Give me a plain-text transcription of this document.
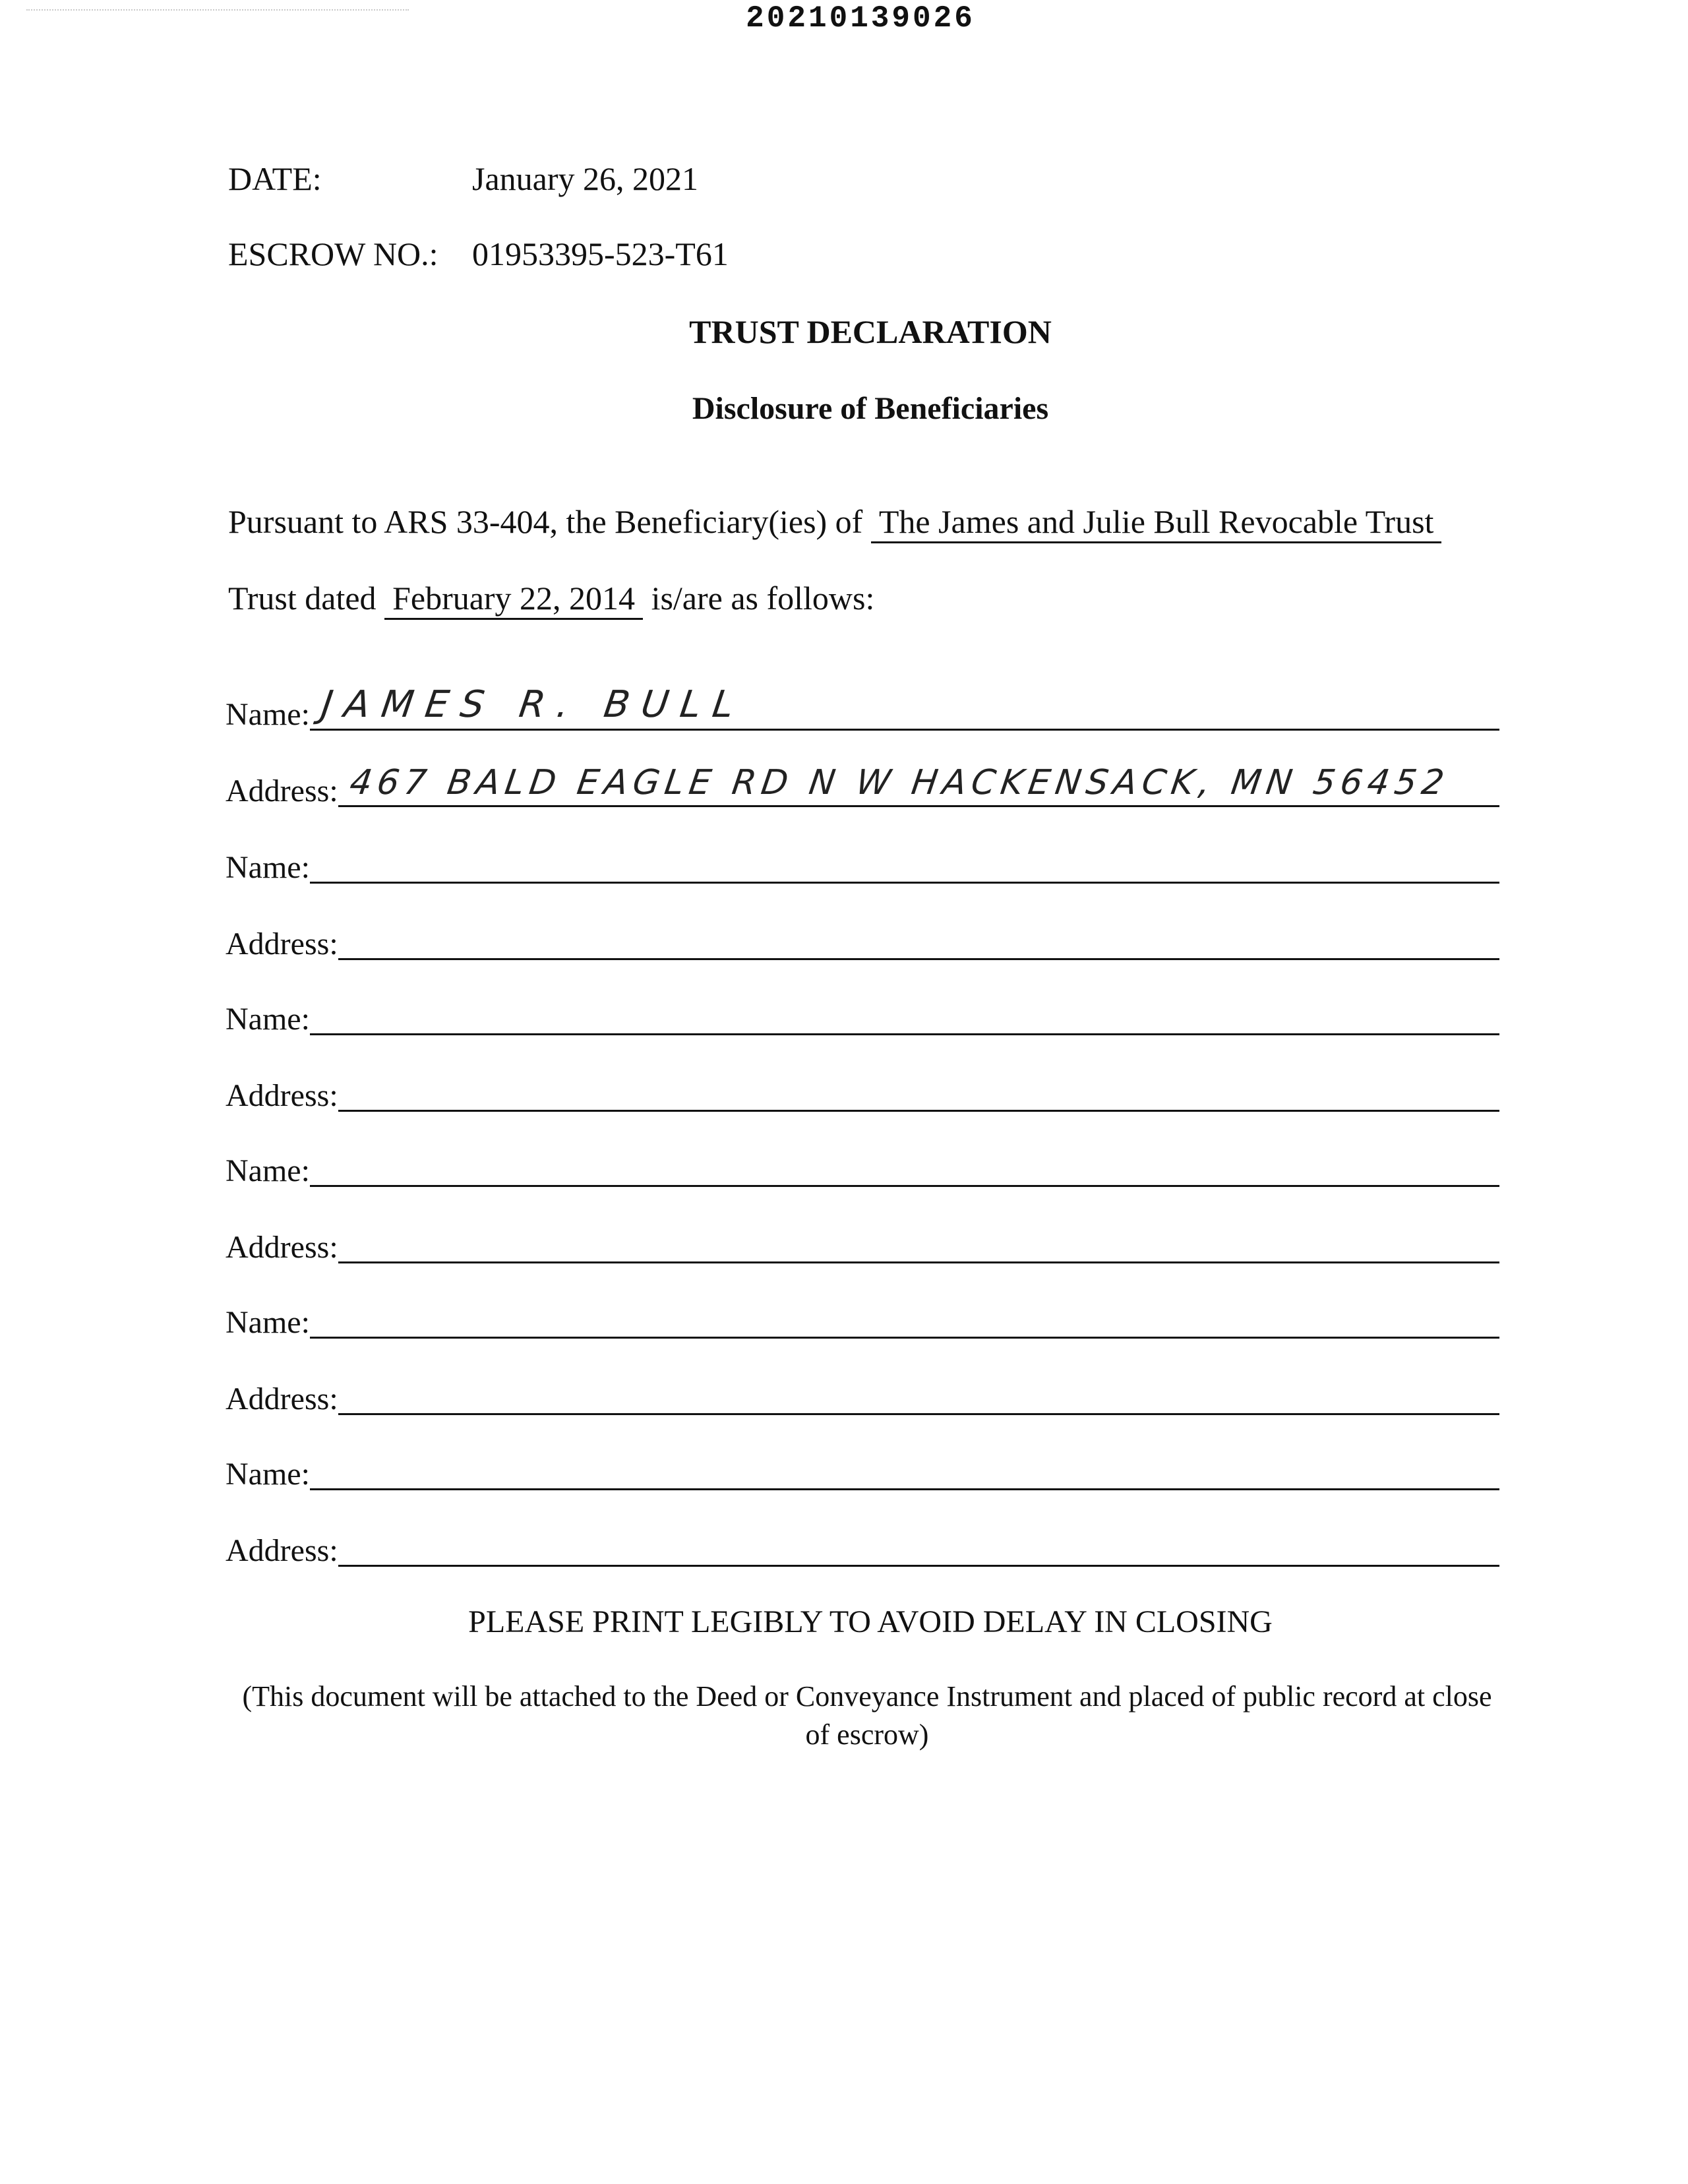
20210139026
DATE:	January 26, 2021
ESCROW NO.: 01953395-523-T61
TRUST DECLARATION
Disclosure of Beneficiaries
Pursuant to ARS 33-404, the Beneficiary(ies) of The James and Julie Bull Revocable Trust
Trust dated February 22, 2014 is/are as follows:
Name: JAMES R. BULL
Address: 467 BALD EAGLE RD N W HACKENSACK, MN 56452
Name:
Address:
Name:
Address:
Name:
Address:
Name:
Address:
Name:
Address:
PLEASE PRINT LEGIBLY TO AVOID DELAY IN CLOSING
(This document will be attached to the Deed or Conveyance Instrument and placed of public record at close of escrow)
